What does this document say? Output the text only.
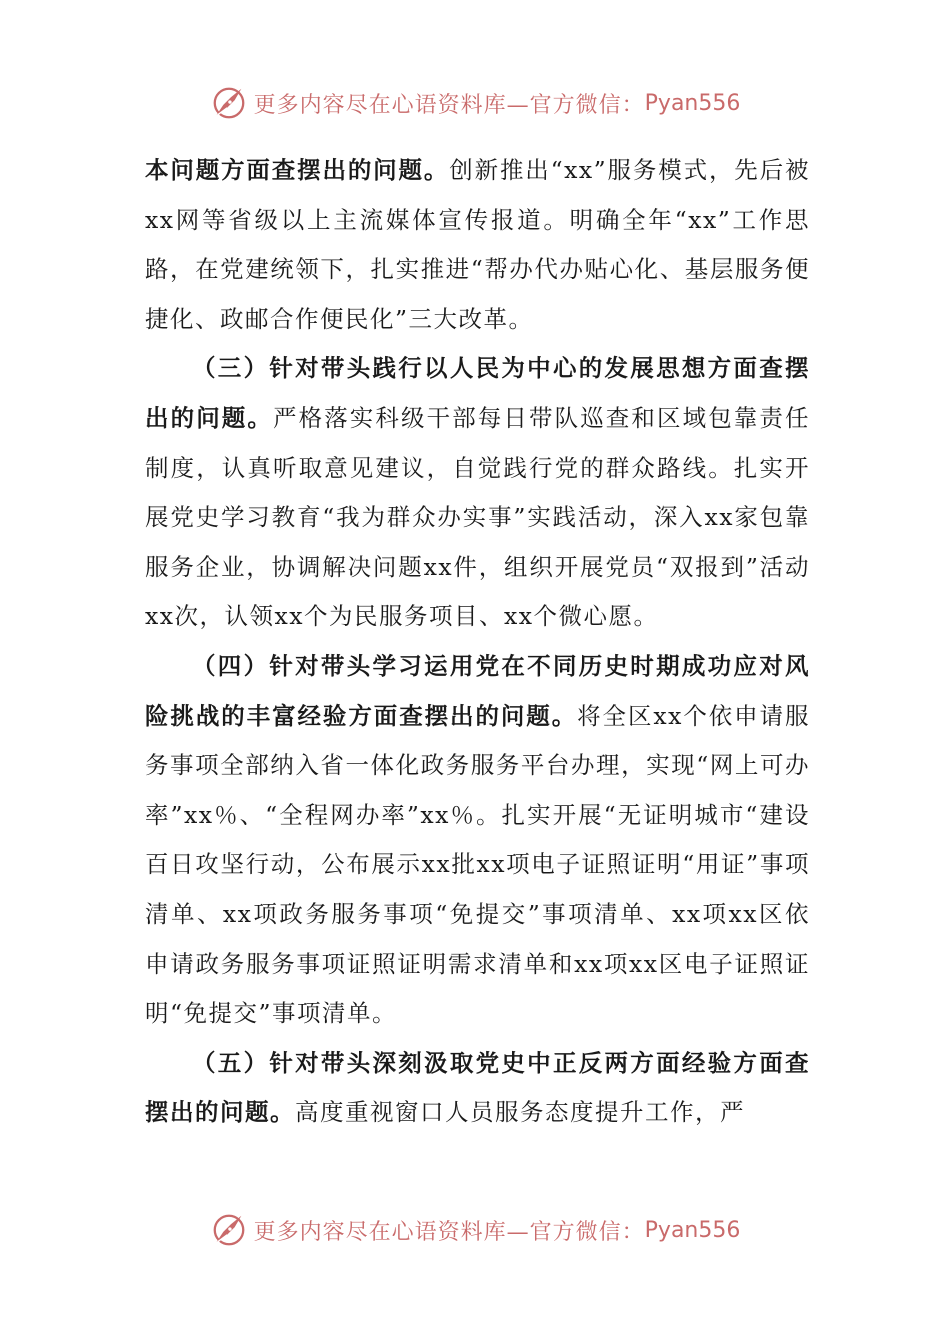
更多内容尽在心语资料库—官方微信： Pyan556

本问题方面查摆出的问题。创新推出“xx”服务模式，先后被xx网等省级以上主流媒体宣传报道。明确全年“xx”工作思路，在党建统领下，扎实推进“帮办代办贴心化、基层服务便捷化、政邮合作便民化”三大改革。

（三）针对带头践行以人民为中心的发展思想方面查摆出的问题。严格落实科级干部每日带队巡查和区域包靠责任制度，认真听取意见建议，自觉践行党的群众路线。扎实开展党史学习教育“我为群众办实事”实践活动，深入xx家包靠服务企业，协调解决问题xx件，组织开展党员“双报到”活动xx次，认领xx个为民服务项目、xx个微心愿。

（四）针对带头学习运用党在不同历史时期成功应对风险挑战的丰富经验方面查摆出的问题。将全区xx个依申请服务事项全部纳入省一体化政务服务平台办理，实现“网上可办率”xx％、“全程网办率”xx％。扎实开展“无证明城市“建设百日攻坚行动，公布展示xx批xx项电子证照证明“用证”事项清单、xx项政务服务事项“免提交”事项清单、xx项xx区依申请政务服务事项证照证明需求清单和xx项xx区电子证照证明“免提交”事项清单。

（五）针对带头深刻汲取党史中正反两方面经验方面查摆出的问题。高度重视窗口人员服务态度提升工作，严

更多内容尽在心语资料库—官方微信： Pyan556
